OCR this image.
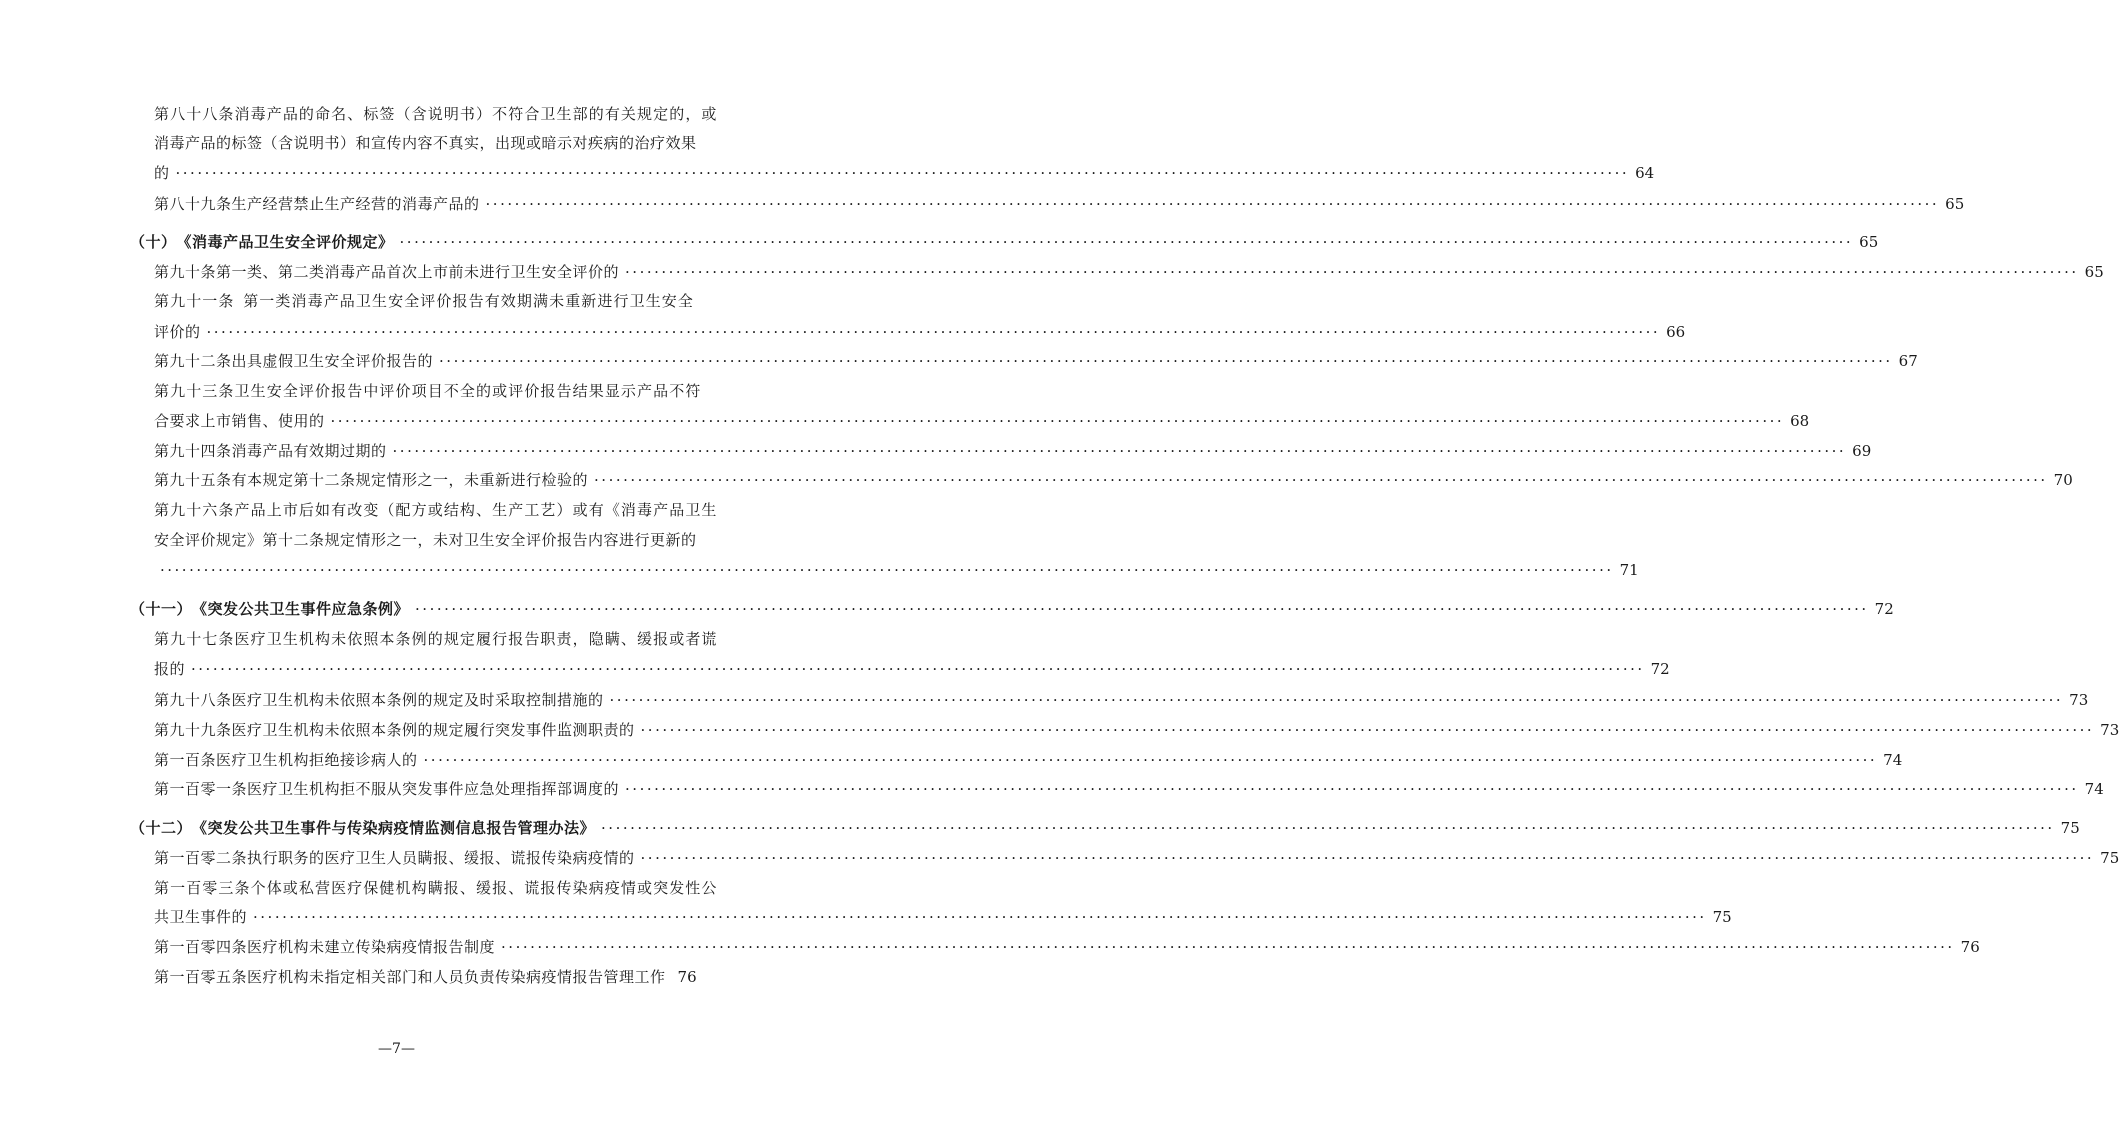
第八十八条 消毒产品的命名、标签（含说明书）不符合卫生部的有关规定的，或
消毒产品的标签（含说明书）和宣传内容不真实，出现或暗示对疾病的治疗效果
的 ········································································································································································································ 64
第八十九条 生产经营禁止生产经营的消毒产品的 ········································································································································································································ 65
（十） 《消毒产品卫生安全评价规定》 ········································································································································································································ 65
第九十条 第一类、第二类消毒产品首次上市前未进行卫生安全评价的 ········································································································································································································ 65
第九十一条 第一类消毒产品卫生安全评价报告有效期满未重新进行卫生安全
评价的 ········································································································································································································ 66
第九十二条 出具虚假卫生安全评价报告的 ········································································································································································································ 67
第九十三条 卫生安全评价报告中评价项目不全的或评价报告结果显示产品不符
合要求上市销售、使用的 ········································································································································································································ 68
第九十四条 消毒产品有效期过期的 ········································································································································································································ 69
第九十五条 有本规定第十二条规定情形之一，未重新进行检验的 ········································································································································································································ 70
第九十六条 产品上市后如有改变（配方或结构、生产工艺）或有《消毒产品卫生
安全评价规定》第十二条规定情形之一，未对卫生安全评价报告内容进行更新的
········································································································································································································ 71
（十一） 《突发公共卫生事件应急条例》 ········································································································································································································ 72
第九十七条 医疗卫生机构未依照本条例的规定履行报告职责，隐瞒、缓报或者谎
报的 ········································································································································································································ 72
第九十八条 医疗卫生机构未依照本条例的规定及时采取控制措施的 ········································································································································································································ 73
第九十九条 医疗卫生机构未依照本条例的规定履行突发事件监测职责的 ········································································································································································································ 73
第一百条 医疗卫生机构拒绝接诊病人的 ········································································································································································································ 74
第一百零一条 医疗卫生机构拒不服从突发事件应急处理指挥部调度的 ········································································································································································································ 74
（十二） 《突发公共卫生事件与传染病疫情监测信息报告管理办法》 ········································································································································································································ 75
第一百零二条 执行职务的医疗卫生人员瞒报、缓报、谎报传染病疫情的 ········································································································································································································ 75
第一百零三条 个体或私营医疗保健机构瞒报、缓报、谎报传染病疫情或突发性公
共卫生事件的 ········································································································································································································ 75
第一百零四条 医疗机构未建立传染病疫情报告制度 ········································································································································································································ 76
第一百零五条 医疗机构未指定相关部门和人员负责传染病疫情报告管理工作 76
—7—
